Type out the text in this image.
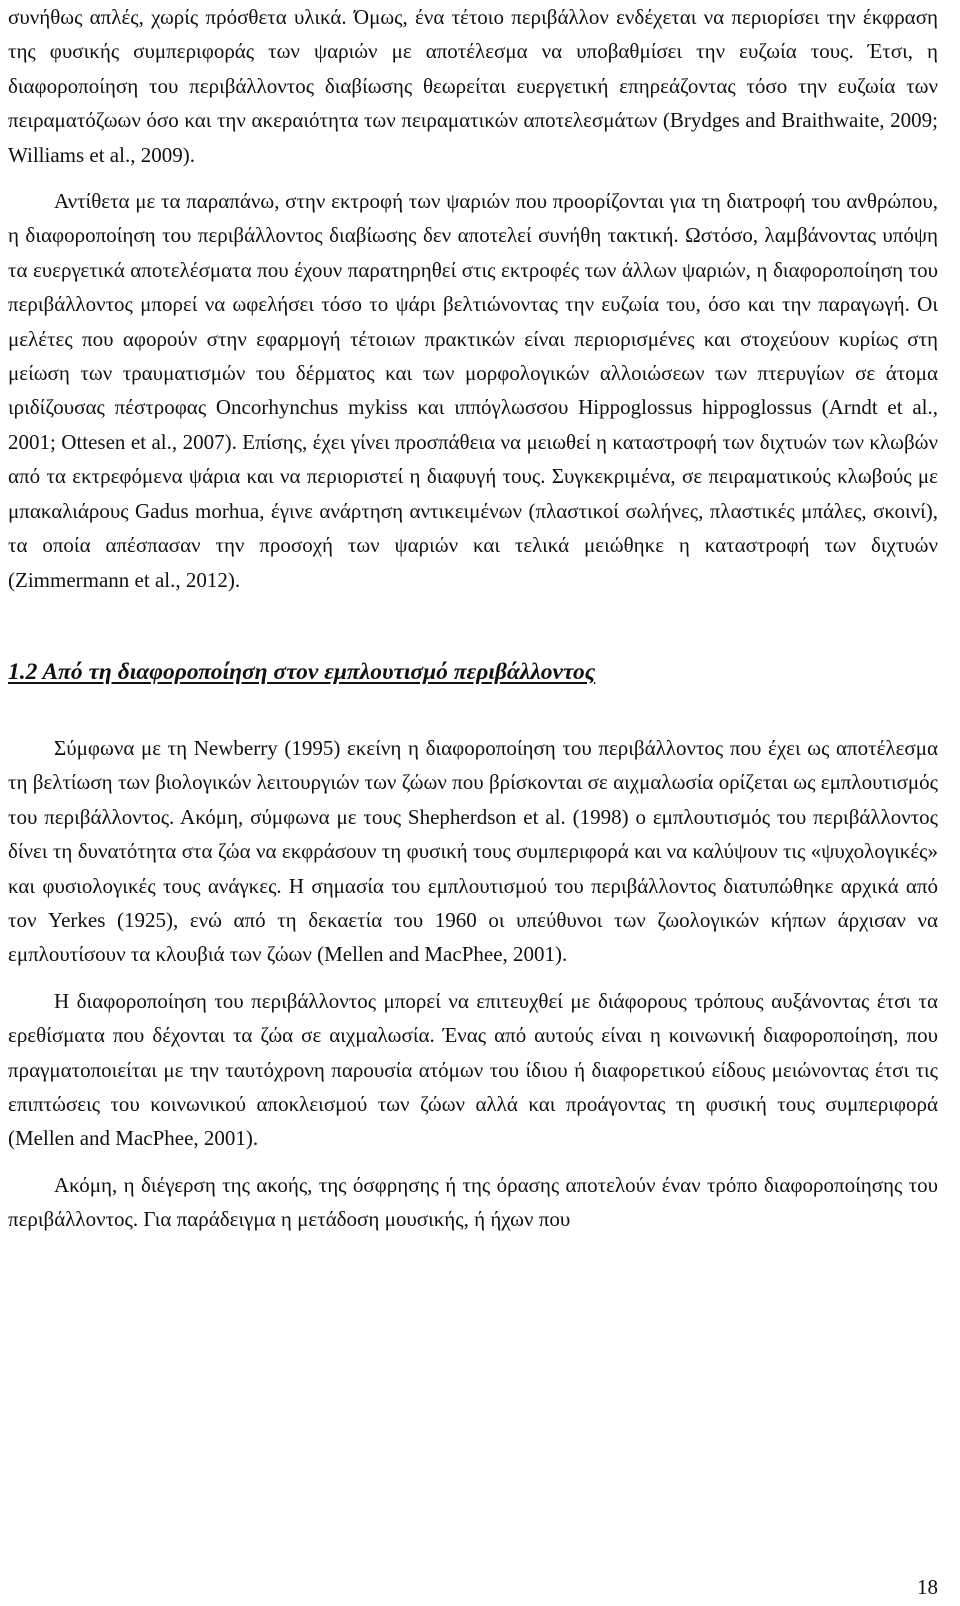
συνήθως απλές, χωρίς πρόσθετα υλικά. Όμως, ένα τέτοιο περιβάλλον ενδέχεται να περιορίσει την έκφραση της φυσικής συμπεριφοράς των ψαριών με αποτέλεσμα να υποβαθμίσει την ευζωία τους. Έτσι, η διαφοροποίηση του περιβάλλοντος διαβίωσης θεωρείται ευεργετική επηρεάζοντας τόσο την ευζωία των πειραματόζωων όσο και την ακεραιότητα των πειραματικών αποτελεσμάτων (Brydges and Braithwaite, 2009; Williams et al., 2009).

Αντίθετα με τα παραπάνω, στην εκτροφή των ψαριών που προορίζονται για τη διατροφή του ανθρώπου, η διαφοροποίηση του περιβάλλοντος διαβίωσης δεν αποτελεί συνήθη τακτική. Ωστόσο, λαμβάνοντας υπόψη τα ευεργετικά αποτελέσματα που έχουν παρατηρηθεί στις εκτροφές των άλλων ψαριών, η διαφοροποίηση του περιβάλλοντος μπορεί να ωφελήσει τόσο το ψάρι βελτιώνοντας την ευζωία του, όσο και την παραγωγή. Οι μελέτες που αφορούν στην εφαρμογή τέτοιων πρακτικών είναι περιορισμένες και στοχεύουν κυρίως στη μείωση των τραυματισμών του δέρματος και των μορφολογικών αλλοιώσεων των πτερυγίων σε άτομα ιριδίζουσας πέστροφας Oncorhynchus mykiss και ιππόγλωσσου Hippoglossus hippoglossus (Arndt et al., 2001; Ottesen et al., 2007). Επίσης, έχει γίνει προσπάθεια να μειωθεί η καταστροφή των διχτυών των κλωβών από τα εκτρεφόμενα ψάρια και να περιοριστεί η διαφυγή τους. Συγκεκριμένα, σε πειραματικούς κλωβούς με μπακαλιάρους Gadus morhua, έγινε ανάρτηση αντικειμένων (πλαστικοί σωλήνες, πλαστικές μπάλες, σκοινί), τα οποία απέσπασαν την προσοχή των ψαριών και τελικά μειώθηκε η καταστροφή των διχτυών (Zimmermann et al., 2012).

1.2 Από τη διαφοροποίηση στον εμπλουτισμό περιβάλλοντος

Σύμφωνα με τη Newberry (1995) εκείνη η διαφοροποίηση του περιβάλλοντος που έχει ως αποτέλεσμα τη βελτίωση των βιολογικών λειτουργιών των ζώων που βρίσκονται σε αιχμαλωσία ορίζεται ως εμπλουτισμός του περιβάλλοντος. Ακόμη, σύμφωνα με τους Shepherdson et al. (1998) ο εμπλουτισμός του περιβάλλοντος δίνει τη δυνατότητα στα ζώα να εκφράσουν τη φυσική τους συμπεριφορά και να καλύψουν τις «ψυχολογικές» και φυσιολογικές τους ανάγκες. Η σημασία του εμπλουτισμού του περιβάλλοντος διατυπώθηκε αρχικά από τον Yerkes (1925), ενώ από τη δεκαετία του 1960 οι υπεύθυνοι των ζωολογικών κήπων άρχισαν να εμπλουτίσουν τα κλουβιά των ζώων (Mellen and MacPhee, 2001).

Η διαφοροποίηση του περιβάλλοντος μπορεί να επιτευχθεί με διάφορους τρόπους αυξάνοντας έτσι τα ερεθίσματα που δέχονται τα ζώα σε αιχμαλωσία. Ένας από αυτούς είναι η κοινωνική διαφοροποίηση, που πραγματοποιείται με την ταυτόχρονη παρουσία ατόμων του ίδιου ή διαφορετικού είδους μειώνοντας έτσι τις επιπτώσεις του κοινωνικού αποκλεισμού των ζώων αλλά και προάγοντας τη φυσική τους συμπεριφορά (Mellen and MacPhee, 2001).

Ακόμη, η διέγερση της ακοής, της όσφρησης ή της όρασης αποτελούν έναν τρόπο διαφοροποίησης του περιβάλλοντος. Για παράδειγμα η μετάδοση μουσικής, ή ήχων που

18
